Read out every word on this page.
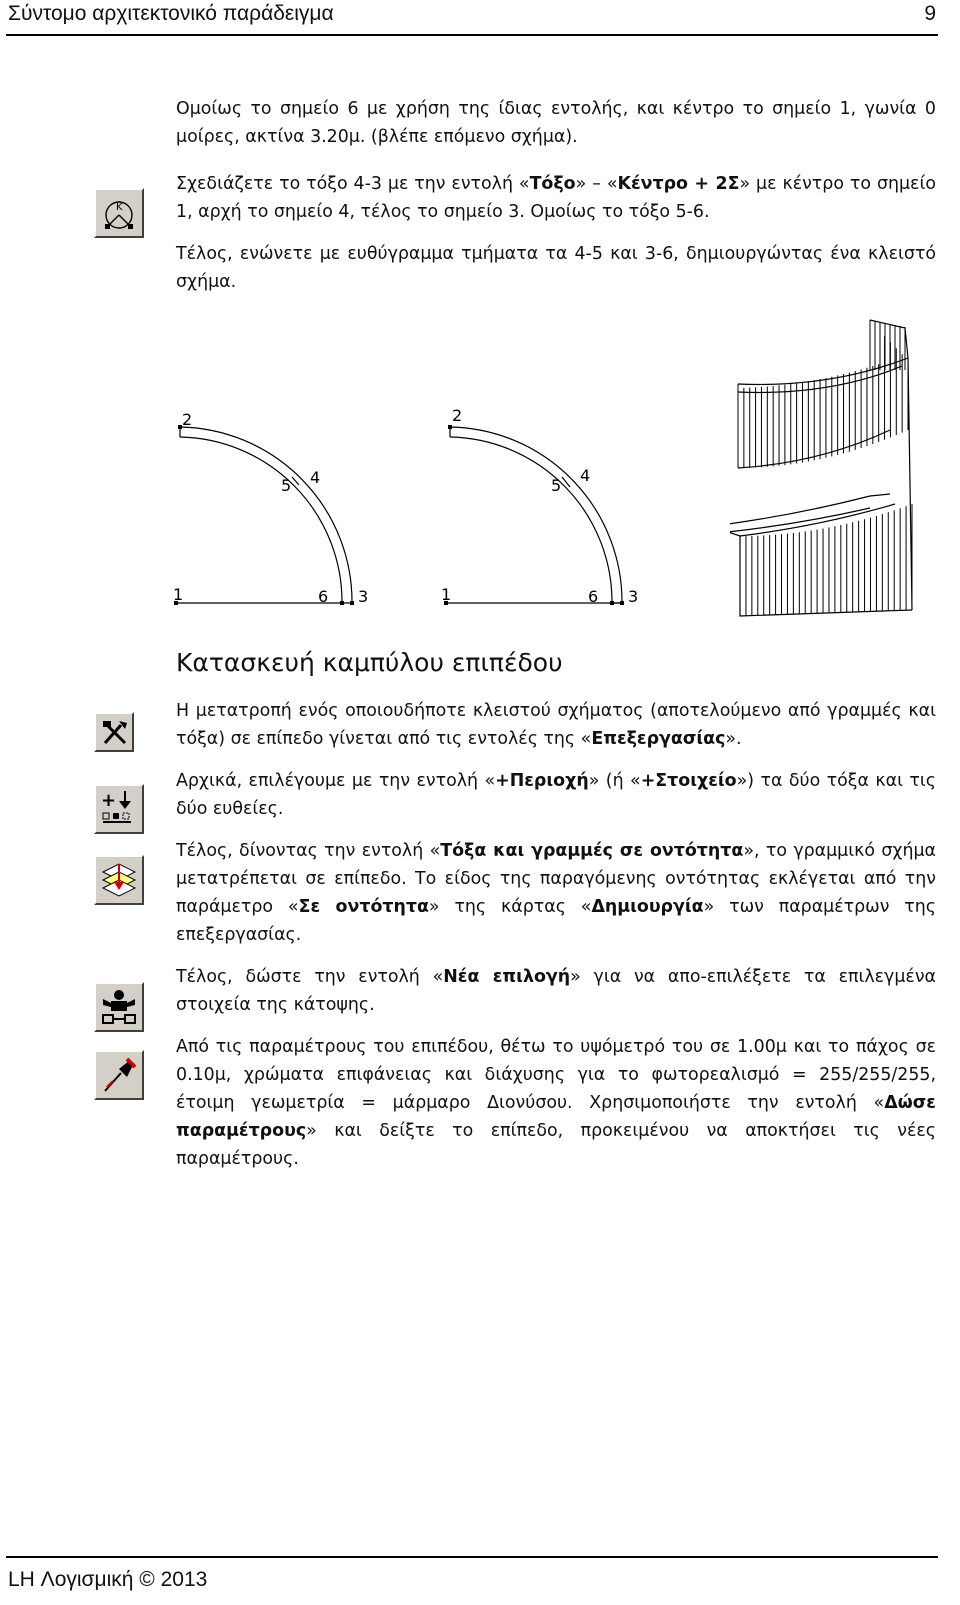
Σύντομο αρχιτεκτονικό παράδειγμα	9

Ομοίως το σημείο 6 με χρήση της ίδιας εντολής, και κέντρο το σημείο 1, γωνία 0 μοίρες, ακτίνα 3.20μ. (βλέπε επόμενο σχήμα).

K

Σχεδιάζετε το τόξο 4-3 με την εντολή «Τόξο» – «Κέντρο + 2Σ» με κέντρο το σημείο 1, αρχή το σημείο 4, τέλος το σημείο 3. Ομοίως το τόξο 5-6.

Τέλος, ενώνετε με ευθύγραμμα τμήματα τα 4-5 και 3-6, δημιουργώντας ένα κλειστό σχήμα.

2
4
5
1	6 3
2
4
5
1	6 3
Κατασκευή καμπύλου επιπέδου

Η μετατροπή ενός οποιουδήποτε κλειστού σχήματος (αποτελούμενο από γραμμές και τόξα) σε επίπεδο γίνεται από τις εντολές της «Επεξεργασίας».

+

Αρχικά, επιλέγουμε με την εντολή «+Περιοχή» (ή «+Στοιχείο») τα δύο τόξα και τις δύο ευθείες.

Τέλος, δίνοντας την εντολή «Τόξα και γραμμές σε οντότητα», το γραμμικό σχήμα μετατρέπεται σε επίπεδο. Το είδος της παραγόμενης οντότητας εκλέγεται από την παράμετρο «Σε οντότητα» της κάρτας «Δημιουργία» των παραμέτρων της επεξεργασίας.

Τέλος, δώστε την εντολή «Νέα επιλογή» για να απο-επιλέξετε τα επιλεγμένα στοιχεία της κάτοψης.

Από τις παραμέτρους του επιπέδου, θέτω το υψόμετρό του σε 1.00μ και το πάχος σε 0.10μ, χρώματα επιφάνειας και διάχυσης για το φωτορεαλισμό = 255/255/255, έτοιμη γεωμετρία = μάρμαρο Διονύσου. Χρησιμοποιήστε την εντολή «Δώσε παραμέτρους» και δείξτε το επίπεδο, προκειμένου να αποκτήσει τις νέες παραμέτρους.

LH Λογισμική © 2013
